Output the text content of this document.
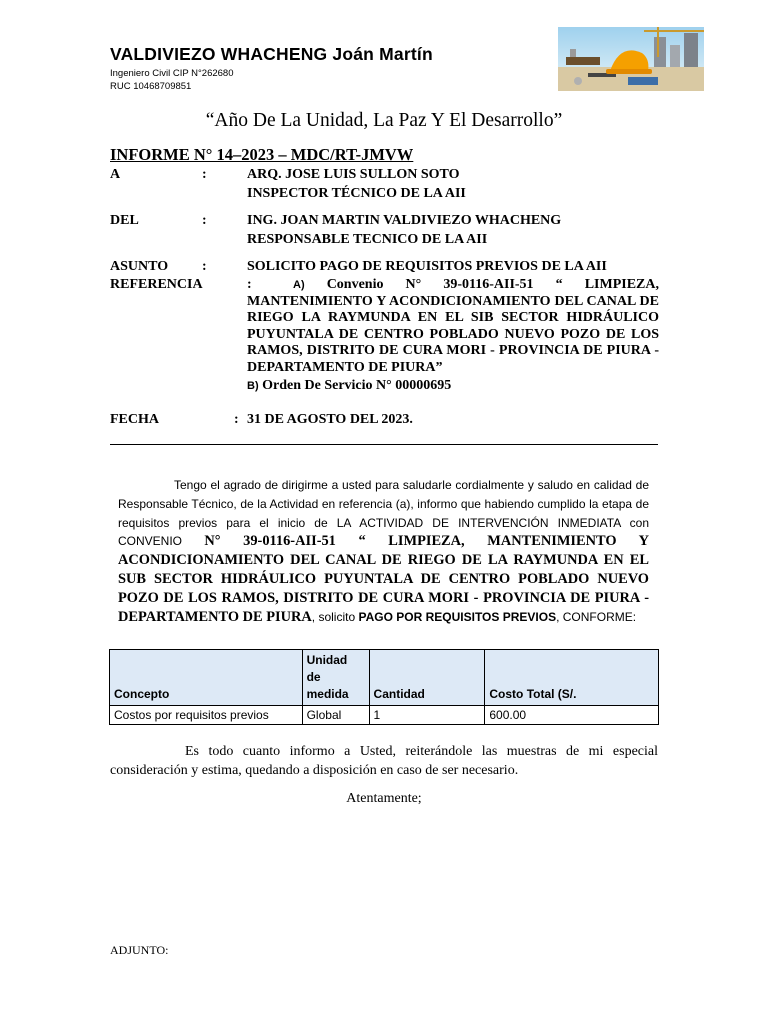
VALDIVIEZO WHACHENG Joán Martín
Ingeniero Civil CIP N°262680
RUC 10468709851
“Año De La Unidad, La Paz Y El Desarrollo”
INFORME N° 14–2023 – MDC/RT-JMVW
A	:	ARQ. JOSE LUIS SULLON SOTO
INSPECTOR TÉCNICO DE LA AII
DEL	:	ING. JOAN MARTIN VALDIVIEZO WHACHENG
RESPONSABLE TECNICO DE LA AII
ASUNTO :	SOLICITO PAGO DE REQUISITOS PREVIOS DE LA AII
REFERENCIA	:	A) Convenio N° 39-0116-AII-51 “ LIMPIEZA, MANTENIMIENTO Y ACONDICIONAMIENTO DEL CANAL DE RIEGO LA RAYMUNDA EN EL SIB SECTOR HIDRÁULICO PUYUNTALA DE CENTRO POBLADO NUEVO POZO DE LOS RAMOS, DISTRITO DE CURA MORI - PROVINCIA DE PIURA - DEPARTAMENTO DE PIURA”
B) Orden De Servicio N° 00000695
FECHA	: 31 DE AGOSTO DEL 2023.
Tengo el agrado de dirigirme a usted para saludarle cordialmente y saludo en calidad de Responsable Técnico, de la Actividad en referencia (a), informo que habiendo cumplido la etapa de requisitos previos para el inicio de LA ACTIVIDAD DE INTERVENCIÓN INMEDIATA con CONVENIO N° 39-0116-AII-51 “ LIMPIEZA, MANTENIMIENTO Y ACONDICIONAMIENTO DEL CANAL DE RIEGO DE LA RAYMUNDA EN EL SUB SECTOR HIDRÁULICO PUYUNTALA DE CENTRO POBLADO NUEVO POZO DE LOS RAMOS, DISTRITO DE CURA MORI - PROVINCIA DE PIURA - DEPARTAMENTO DE PIURA, solicito PAGO POR REQUISITOS PREVIOS, CONFORME:
Concepto	Unidad de medida	Cantidad	Costo Total (S/.
Costos por requisitos previos	Global	1	600.00
Es todo cuanto informo a Usted, reiterándole las muestras de mi especial consideración y estima, quedando a disposición en caso de ser necesario.
Atentamente;
ADJUNTO:
